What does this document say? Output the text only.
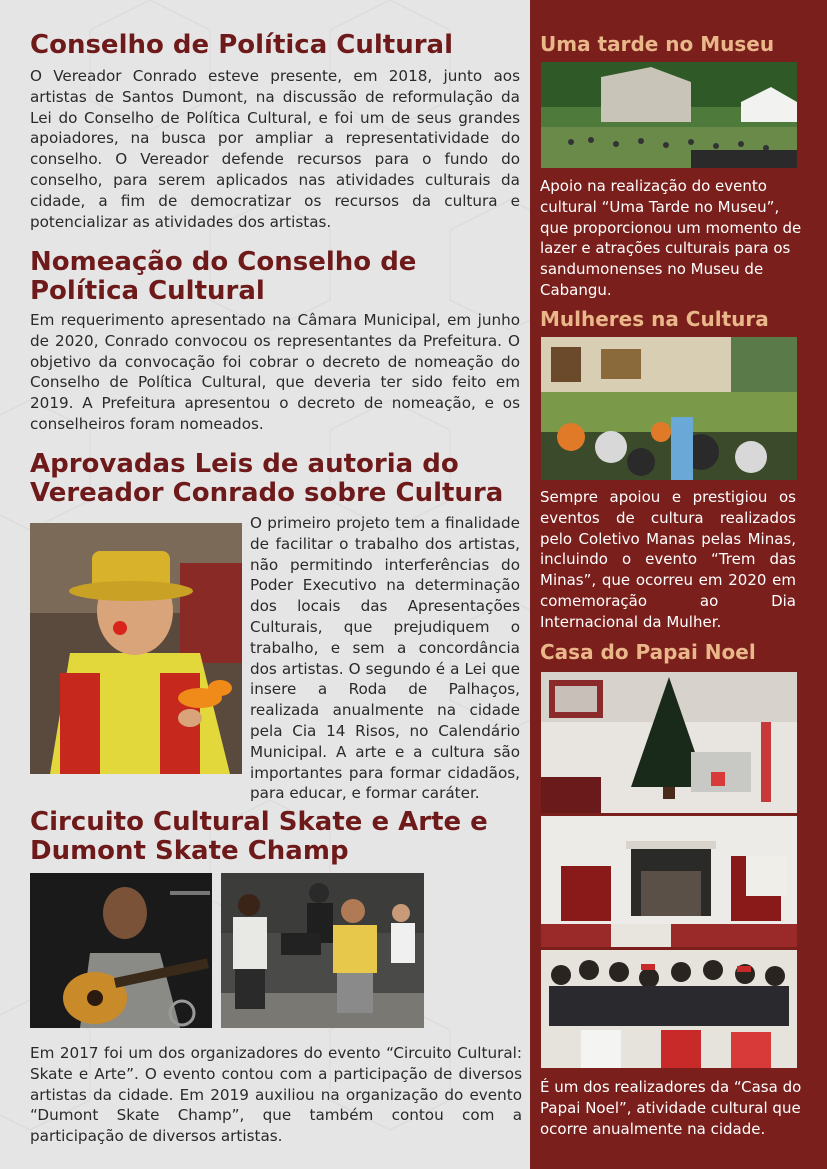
Conselho de Política Cultural

O Vereador Conrado esteve presente, em 2018, junto aos artistas de Santos Dumont, na discussão de reformulação da Lei do Conselho de Política Cultural, e foi um de seus grandes apoiadores, na busca por ampliar a representatividade do conselho. O Vereador defende recursos para o fundo do conselho, para serem aplicados nas atividades culturais da cidade, a fim de democratizar os recursos da cultura e potencializar as atividades dos artistas.

Nomeação do Conselho de Política Cultural

Em requerimento apresentado na Câmara Municipal, em junho de 2020, Conrado convocou os representantes da Prefeitura. O objetivo da convocação foi cobrar o decreto de nomeação do Conselho de Política Cultural, que deveria ter sido feito em 2019. A Prefeitura apresentou o decreto de nomeação, e os conselheiros foram nomeados.

Aprovadas Leis de autoria do Vereador Conrado sobre Cultura

O primeiro projeto tem a finalidade de facilitar o trabalho dos artistas, não permitindo interferências do Poder Executivo na determinação dos locais das Apresentações Culturais, que prejudiquem o trabalho, e sem a concordância dos artistas. O segundo é a Lei que insere a Roda de Palhaços, realizada anualmente na cidade pela Cia 14 Risos, no Calendário Municipal. A arte e a cultura são importantes para formar cidadãos, para educar, e formar caráter.

Circuito Cultural Skate e Arte e Dumont Skate Champ

Em 2017 foi um dos organizadores do evento “Circuito Cultural: Skate e Arte”. O evento contou com a participação de diversos artistas da cidade. Em 2019 auxiliou na organização do evento “Dumont Skate Champ”, que também contou com a participação de diversos artistas.

Uma tarde no Museu

Apoio na realização do evento cultural “Uma Tarde no Museu”, que proporcionou um momento de lazer e atrações culturais para os sandumonenses no Museu de Cabangu.

Mulheres na Cultura

Sempre apoiou e prestigiou os eventos de cultura realizados pelo Coletivo Manas pelas Minas, incluindo o evento “Trem das Minas”, que ocorreu em 2020 em comemoração ao Dia Internacional da Mulher.

Casa do Papai Noel

É um dos realizadores da “Casa do Papai Noel”, atividade cultural que ocorre anualmente na cidade.
